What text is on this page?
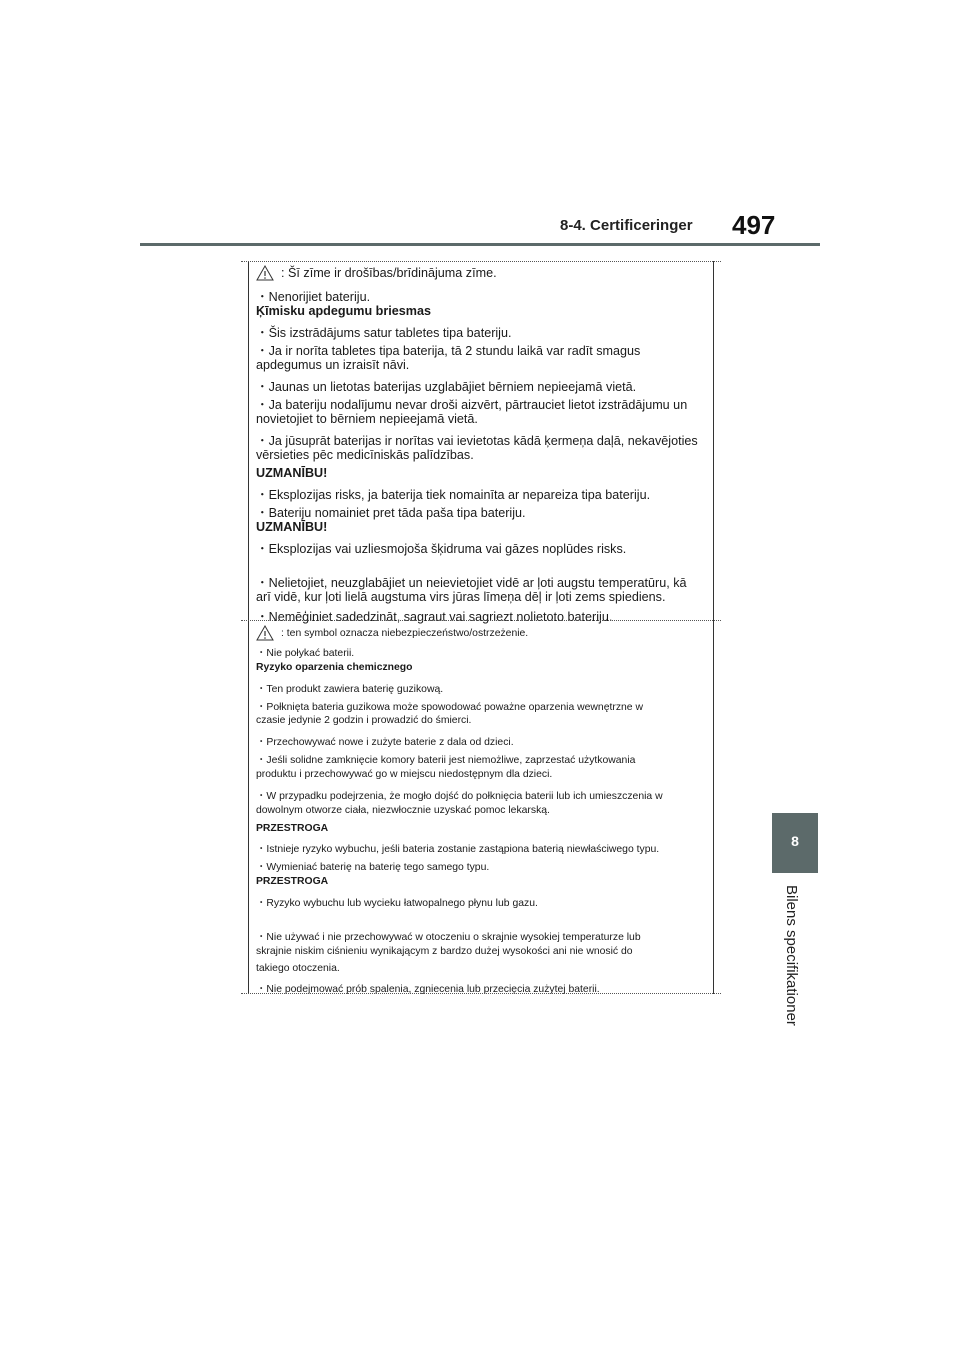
8-4. Certificeringer 497
8
Bilens specifikationer
: Šī zīme ir drošības/brīdinājuma zīme.
・Nenorijiet bateriju.
Ķīmisku apdegumu briesmas
・Šis izstrādājums satur tabletes tipa bateriju.
・Ja ir norīta tabletes tipa baterija, tā 2 stundu laikā var radīt smagus
apdegumus un izraisīt nāvi.
・Jaunas un lietotas baterijas uzglabājiet bērniem nepieejamā vietā.
・Ja bateriju nodalījumu nevar droši aizvērt, pārtrauciet lietot izstrādājumu un
novietojiet to bērniem nepieejamā vietā.
・Ja jūsuprāt baterijas ir norītas vai ievietotas kādā ķermeņa daļā, nekavējoties
vērsieties pēc medicīniskās palīdzības.
UZMANĪBU!
・Eksplozijas risks, ja baterija tiek nomainīta ar nepareiza tipa bateriju.
・Bateriju nomainiet pret tāda paša tipa bateriju.
UZMANĪBU!
・Eksplozijas vai uzliesmojoša šķidruma vai gāzes noplūdes risks.
・Nelietojiet, neuzglabājiet un neievietojiet vidē ar ļoti augstu temperatūru, kā
arī vidē, kur ļoti lielā augstuma virs jūras līmeņa dēļ ir ļoti zems spiediens.
・Nemēģiniet sadedzināt, sagraut vai sagriezt nolietoto bateriju.
: ten symbol oznacza niebezpieczeństwo/ostrzeżenie.
・Nie połykać baterii.
Ryzyko oparzenia chemicznego
・Ten produkt zawiera baterię guzikową.
・Połknięta bateria guzikowa może spowodować poważne oparzenia wewnętrzne w
czasie jedynie 2 godzin i prowadzić do śmierci.
・Przechowywać nowe i zużyte baterie z dala od dzieci.
・Jeśli solidne zamknięcie komory baterii jest niemożliwe, zaprzestać użytkowania
produktu i przechowywać go w miejscu niedostępnym dla dzieci.
・W przypadku podejrzenia, że mogło dojść do połknięcia baterii lub ich umieszczenia w
dowolnym otworze ciała, niezwłocznie uzyskać pomoc lekarską.
PRZESTROGA
・Istnieje ryzyko wybuchu, jeśli bateria zostanie zastąpiona baterią niewłaściwego typu.
・Wymieniać baterię na baterię tego samego typu.
PRZESTROGA
・Ryzyko wybuchu lub wycieku łatwopalnego płynu lub gazu.
・Nie używać i nie przechowywać w otoczeniu o skrajnie wysokiej temperaturze lub
skrajnie niskim ciśnieniu wynikającym z bardzo dużej wysokości ani nie wnosić do
takiego otoczenia.
・Nie podejmować prób spalenia, zgniecenia lub przecięcia zużytej baterii.
